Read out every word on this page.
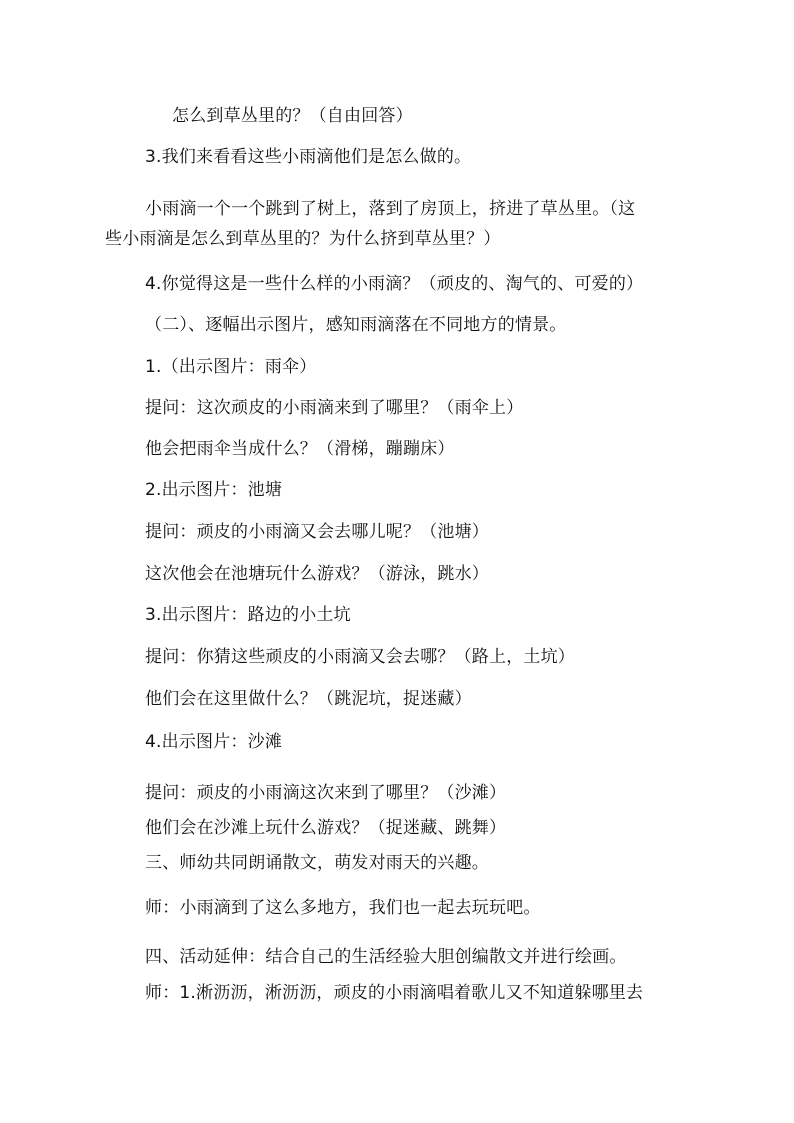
怎么到草丛里的？（自由回答）
3.我们来看看这些小雨滴他们是怎么做的。
小雨滴一个一个跳到了树上，落到了房顶上，挤进了草丛里。（这
些小雨滴是怎么到草丛里的？为什么挤到草丛里？）
4.你觉得这是一些什么样的小雨滴？（顽皮的、淘气的、可爱的）
（二）、逐幅出示图片，感知雨滴落在不同地方的情景。
1.（出示图片：雨伞）
提问：这次顽皮的小雨滴来到了哪里？（雨伞上）
他会把雨伞当成什么？（滑梯，蹦蹦床）
2.出示图片：池塘
提问：顽皮的小雨滴又会去哪儿呢？（池塘）
这次他会在池塘玩什么游戏？（游泳，跳水）
3.出示图片：路边的小土坑
提问：你猜这些顽皮的小雨滴又会去哪？（路上，土坑）
他们会在这里做什么？（跳泥坑，捉迷藏）
4.出示图片：沙滩
提问：顽皮的小雨滴这次来到了哪里？（沙滩）
他们会在沙滩上玩什么游戏？（捉迷藏、跳舞）
三、师幼共同朗诵散文，萌发对雨天的兴趣。
师：小雨滴到了这么多地方，我们也一起去玩玩吧。
四、活动延伸：结合自己的生活经验大胆创编散文并进行绘画。
师：1.淅沥沥，淅沥沥，顽皮的小雨滴唱着歌儿又不知道躲哪里去
